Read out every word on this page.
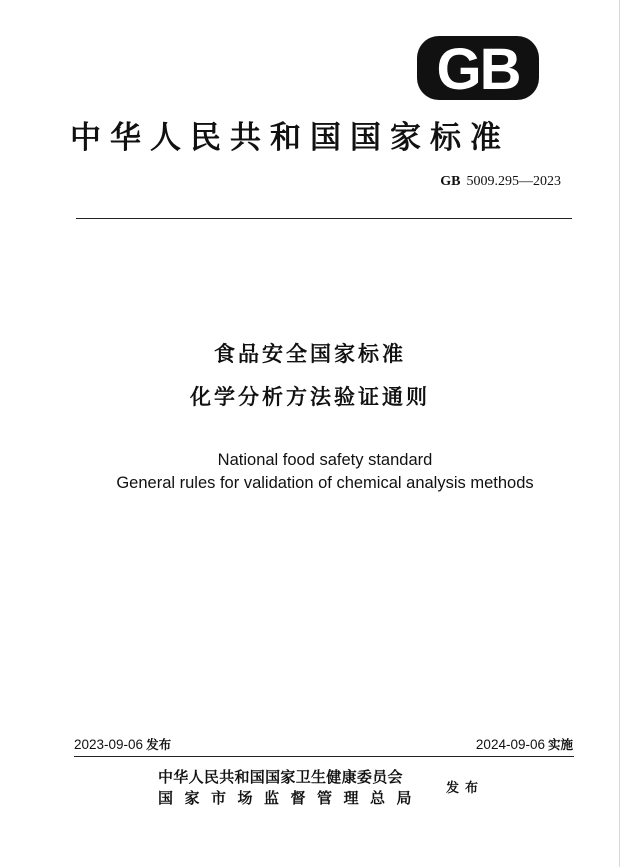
GB
中华人民共和国国家标准
GB 5009.295—2023
食品安全国家标准
化学分析方法验证通则
National food safety standard
General rules for validation of chemical analysis methods
2023-09-06 发布	2024-09-06 实施
中华人民共和国国家卫生健康委员会
国家市场监督管理总局
发布
